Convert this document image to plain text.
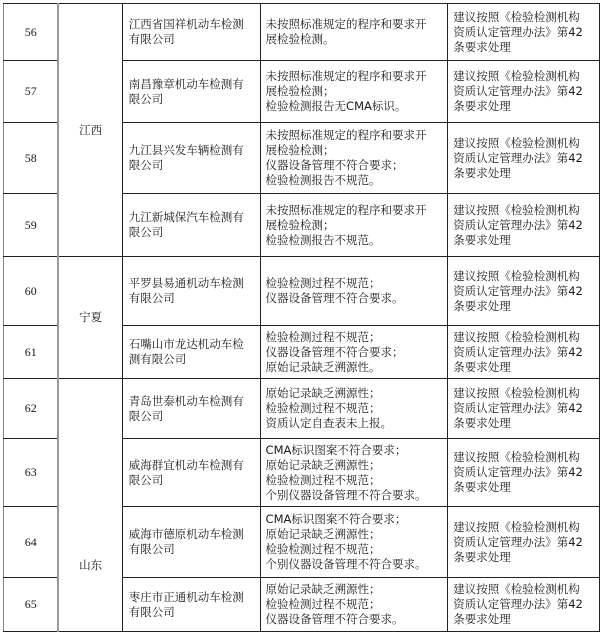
56	江西	江西省国祥机动车检测
有限公司	未按照标准规定的程序和要求开
展检验检测。	建议按照《检验检测机构
资质认定管理办法》第42
条要求处理

57		南昌豫章机动车检测有
限公司	未按照标准规定的程序和要求开
展检验检测；
检验检测报告无CMA标识。	建议按照《检验检测机构
资质认定管理办法》第42
条要求处理

58		九江县兴发车辆检测有
限公司	未按照标准规定的程序和要求开
展检验检测；
仪器设备管理不符合要求；
检验检测报告不规范。	建议按照《检验检测机构
资质认定管理办法》第42
条要求处理

59		九江新城保汽车检测有
限公司	未按照标准规定的程序和要求开
展检验检测；
检验检测报告不规范。	建议按照《检验检测机构
资质认定管理办法》第42
条要求处理

60	宁夏	平罗县易通机动车检测
有限公司	检验检测过程不规范；
仪器设备管理不符合要求。	建议按照《检验检测机构
资质认定管理办法》第42
条要求处理

61		石嘴山市龙达机动车检
测有限公司	检验检测过程不规范；
仪器设备管理不符合要求；
原始记录缺乏溯源性。	建议按照《检验检测机构
资质认定管理办法》第42
条要求处理

62	山东	青岛世泰机动车检测有
限公司	原始记录缺乏溯源性；
检验检测过程不规范；
资质认定自查表未上报。	建议按照《检验检测机构
资质认定管理办法》第42
条要求处理

63		威海群宜机动车检测有
限公司	CMA标识图案不符合要求；
原始记录缺乏溯源性；
检验检测过程不规范；
个别仪器设备管理不符合要求。	建议按照《检验检测机构
资质认定管理办法》第42
条要求处理

64		威海市德原机动车检测
有限公司	CMA标识图案不符合要求；
原始记录缺乏溯源性；
检验检测过程不规范；
个别仪器设备管理不符合要求。	建议按照《检验检测机构
资质认定管理办法》第42
条要求处理

65		枣庄市正通机动车检测
有限公司	原始记录缺乏溯源性；
检验检测过程不规范；
仪器设备管理不符合要求。	建议按照《检验检测机构
资质认定管理办法》第42
条要求处理
